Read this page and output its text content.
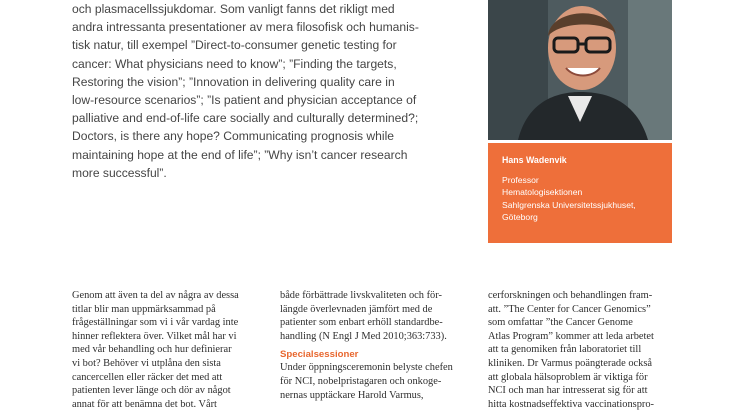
och plasmacellssjukdomar. Som vanligt fanns det rikligt med
andra intressanta presentationer av mera filosofisk och humanis-
tisk natur, till exempel ”Direct-to-consumer genetic testing for
cancer: What physicians need to know”; ”Finding the targets,
Restoring the vision”; ”Innovation in delivering quality care in
low-resource scenarios”; ”Is patient and physician acceptance of
palliative and end-of-life care socially and culturally determined?;
Doctors, is there any hope? Communicating prognosis while
maintaining hope at the end of life”; ”Why isn’t cancer research
more successful”.
Hans Wadenvik
Professor
Hematologisektionen
Sahlgrenska Universitetssjukhuset,
Göteborg
Genom att även ta del av några av dessa
titlar blir man uppmärksammad på
frågeställningar som vi i vår vardag inte
hinner reflektera över. Vilket mål har vi
med vår behandling och hur definierar
vi bot? Behöver vi utplåna den sista
cancercellen eller räcker det med att
patienten lever länge och dör av något
annat för att benämna det bot. Vårt
både förbättrade livskvaliteten och för-
längde överlevnaden jämfört med de
patienter som enbart erhöll standardbe-
handling (N Engl J Med 2010;363:733).
Specialsessioner
Under öppningsceremonin belyste chefen
för NCI, nobelpristagaren och onkoge-
nernas upptäckare Harold Varmus,
cerforskningen och behandlingen fram-
att. ”The Center for Cancer Genomics”
som omfattar ”the Cancer Genome
Atlas Program” kommer att leda arbetet
att ta genomiken från laboratoriet till
kliniken. Dr Varmus poängterade också
att globala hälsoproblem är viktiga för
NCI och man har intresserat sig för att
hitta kostnadseffektiva vaccinationspro-
